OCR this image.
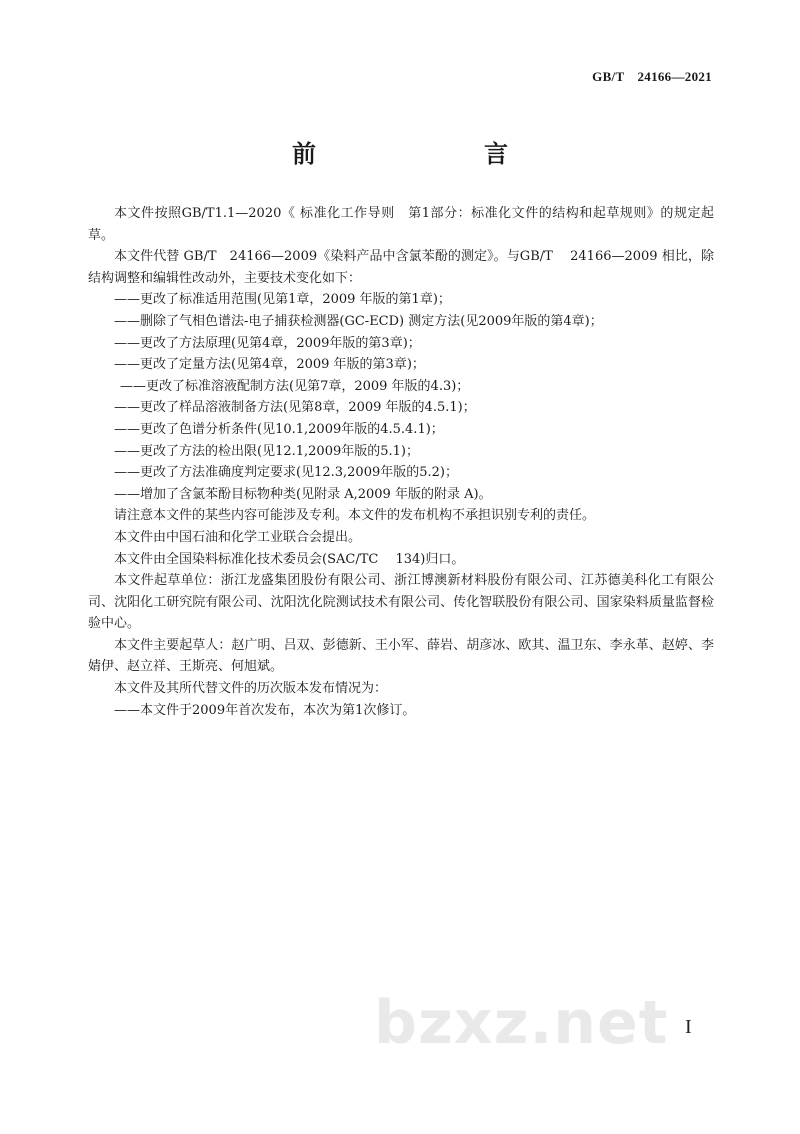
GB/T　24166—2021
前　　言

本文件按照GB/T1.1—2020《 标准化工作导则　第1部分：标准化文件的结构和起草规则》的规定起草。

本文件代替 GB/T　24166—2009《染料产品中含氯苯酚的测定》。与GB/T　 24166—2009 相比，除结构调整和编辑性改动外，主要技术变化如下：

——更改了标准适用范围(见第1章，2009 年版的第1章)；

——删除了气相色谱法-电子捕获检测器(GC-ECD) 测定方法(见2009年版的第4章)；

——更改了方法原理(见第4章，2009年版的第3章)；

——更改了定量方法(见第4章，2009 年版的第3章)；

——更改了标准溶液配制方法(见第7章，2009 年版的4.3)；

——更改了样品溶液制备方法(见第8章，2009 年版的4.5.1)；

——更改了色谱分析条件(见10.1,2009年版的4.5.4.1)；

——更改了方法的检出限(见12.1,2009年版的5.1)；

——更改了方法准确度判定要求(见12.3,2009年版的5.2)；

——增加了含氯苯酚目标物种类(见附录 A,2009 年版的附录 A)。

请注意本文件的某些内容可能涉及专利。本文件的发布机构不承担识别专利的责任。

本文件由中国石油和化学工业联合会提出。

本文件由全国染料标准化技术委员会(SAC/TC　 134)归口。

本文件起草单位：浙江龙盛集团股份有限公司、浙江博澳新材料股份有限公司、江苏德美科化工有限公司、沈阳化工研究院有限公司、沈阳沈化院测试技术有限公司、传化智联股份有限公司、国家染料质量监督检验中心。

本文件主要起草人：赵广明、吕双、彭德新、王小军、薛岩、胡彦冰、欧其、温卫东、李永革、赵婷、李婧伊、赵立祥、王斯亮、何旭斌。

本文件及其所代替文件的历次版本发布情况为：

——本文件于2009年首次发布，本次为第1次修订。

bzxz.net I
